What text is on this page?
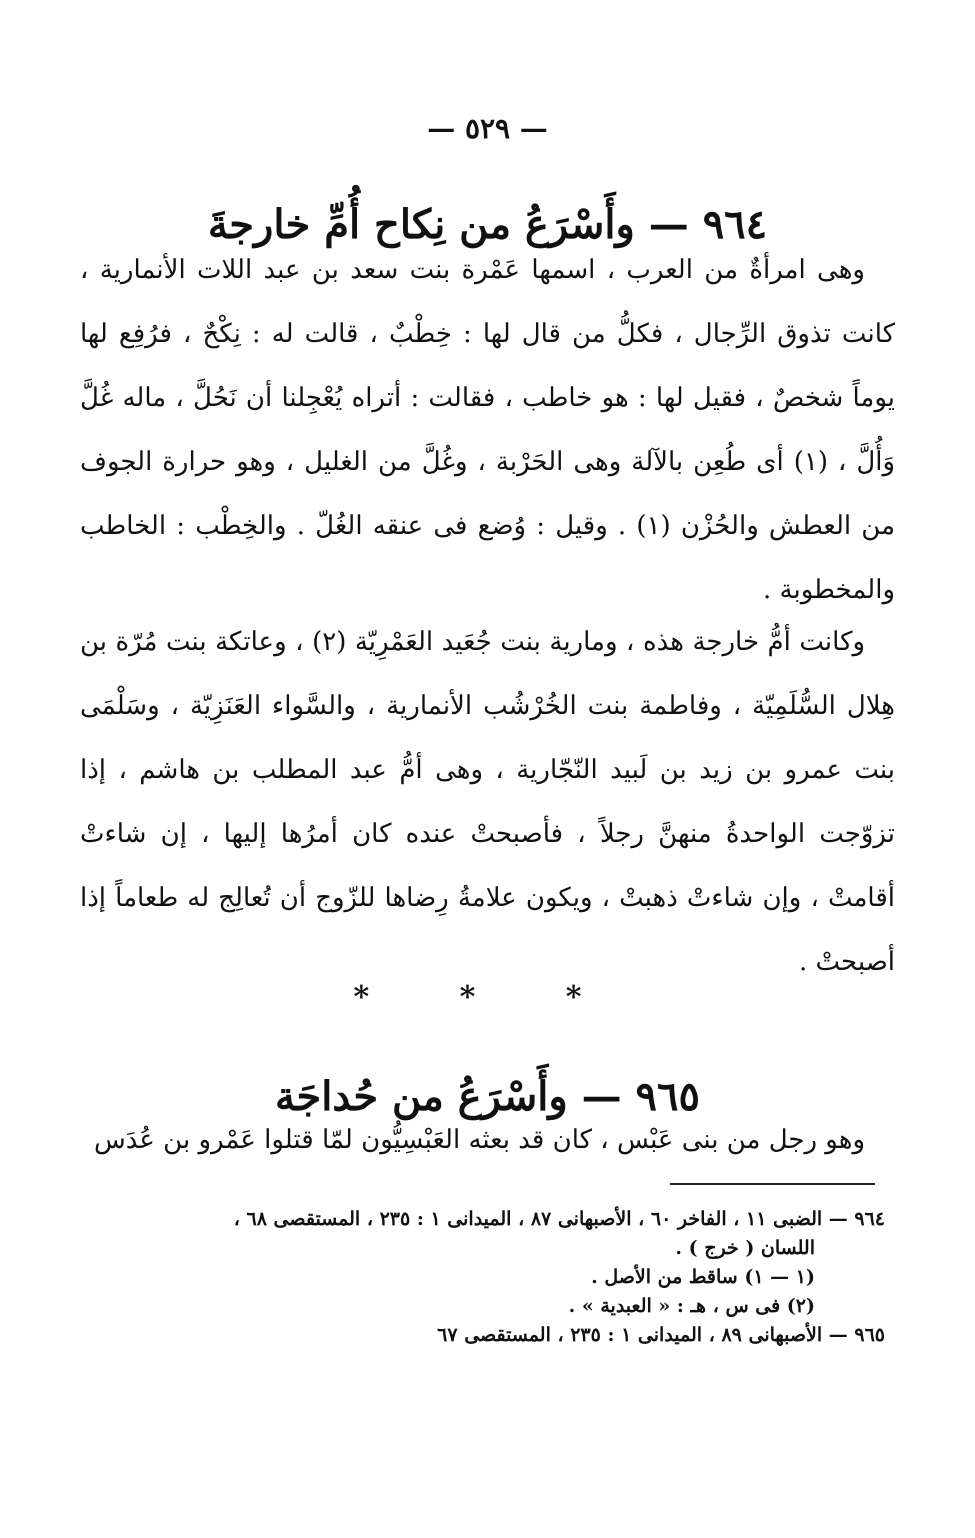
— ٥٢٩ —
٩٦٤ — وأَسْرَعُ من نِكاح أُمِّ خارجةَ

وهى امرأةٌ من العرب ، اسمها عَمْرة بنت سعد بن عبد اللات الأنمارية ، كانت تذوق الرِّجال ، فكلُّ من قال لها : خِطْبٌ ، قالت له : نِكْحٌ ، فرُفِع لها يوماً شخصٌ ، فقيل لها : هو خاطب ، فقالت : أتراه يُعْجِلنا أن نَحُلَّ ، ماله غُلَّ وَأُلَّ ، (١) أى طُعِن بالآلة وهى الحَرْبة ، وغُلَّ من الغليل ، وهو حرارة الجوف من العطش والحُزْن (١) . وقيل : وُضع فى عنقه الغُلّ . والخِطْب : الخاطب والمخطوبة .

وكانت أمُّ خارجة هذه ، ومارية بنت جُعَيد العَمْرِيّة (٢) ، وعاتكة بنت مُرّة بن هِلال السُّلَمِيّة ، وفاطمة بنت الخُرْشُب الأنمارية ، والسَّواء العَنَزِيّة ، وسَلْمَى بنت عمرو بن زيد بن لَبيد النّجّارية ، وهى أمُّ عبد المطلب بن هاشم ، إذا تزوّجت الواحدةُ منهنَّ رجلاً ، فأصبحتْ عنده كان أمرُها إليها ، إن شاءتْ أقامتْ ، وإن شاءتْ ذهبتْ ، ويكون علامةُ رِضاها للزّوج أن تُعالِج له طعاماً إذا أصبحتْ .

* * *
٩٦٥ — وأَسْرَعُ من حُداجَة

وهو رجل من بنى عَبْس ، كان قد بعثه العَبْسِيُّون لمّا قتلوا عَمْرو بن عُدَس

٩٦٤ — الضبى ١١ ، الفاخر ٦٠ ، الأصبهانى ٨٧ ، الميدانى ١ : ٢٣٥ ، المستقصى ٦٨ ،
اللسان ( خرج ) .
(١ — ١) ساقط من الأصل .
(٢) فى س ، هـ : « العبدية » .
٩٦٥ — الأصبهانى ٨٩ ، الميدانى ١ : ٢٣٥ ، المستقصى ٦٧
